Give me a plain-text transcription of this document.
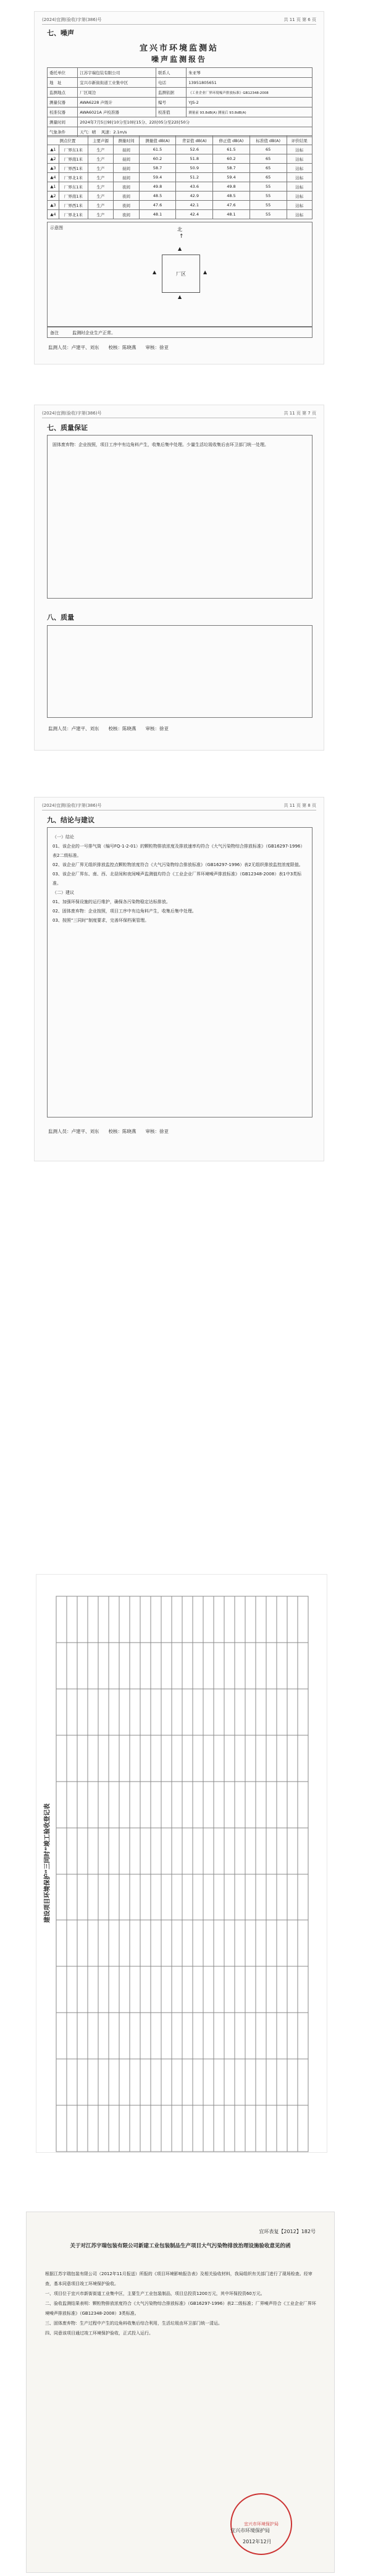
(2024)宜测(验收)字第(386)号	共 11 页 第 6 页
七、噪声
宜兴市环境监测站
噪声监测报告
委托单位	江苏宇瑞包装有限公司	联系人	朱亚琴
地　址	宜兴市新街街道工业集中区	电话	13951805651
监测地点	厂区周边	监测依据	《工业企业厂界环境噪声排放标准》GB12348-2008
测量仪器	AWA6228 声级计	编号	YJS-2
校准仪器	AWA6021A 声校准器	校准值	测量前 93.8dB(A) 测量后 93.8dB(A)
测量时间	2024年7月5日9时10分至10时15分、22时05分至22时50分		
气象条件	天气：晴　 风速：2.1m/s		
测点位置		主要声源	测量时间	测量值 dB(A)	背景值 dB(A)	修正值 dB(A)	标准值 dB(A)	评价结果
▲1	厂界东1米	生产	昼间	61.5	52.6	61.5	65	达标
▲2	厂界南1米	生产	昼间	60.2	51.8	60.2	65	达标
▲3	厂界西1米	生产	昼间	58.7	50.9	58.7	65	达标
▲4	厂界北1米	生产	昼间	59.4	51.2	59.4	65	达标
▲1	厂界东1米	生产	夜间	49.8	43.6	49.8	55	达标
▲2	厂界南1米	生产	夜间	48.5	42.9	48.5	55	达标
▲3	厂界西1米	生产	夜间	47.6	42.1	47.6	55	达标
▲4	厂界北1米	生产	夜间	48.1	42.4	48.1	55	达标
示意图	北
↑
厂区
▲
▲
▲
▲
备注	监测时企业生产正常。
监测人员：卢建平、刘东　　校核：陈晓燕　　审核：徐亚
(2024)宜测(验收)字第(386)号	共 11 页 第 7 页
七、质量保证
固体废弃物：企业按照，项目工序中有边角料产生，收集后集中处理。少量生活垃圾收集后由环卫部门统一处理。
八、质量
监测人员：卢建平、刘东　　校核：陈晓燕　　审核：徐亚
(2024)宜测(验收)字第(386)号	共 11 页 第 8 页
九、结论与建议
（一）结论
01、该企业的一号排气筒（编号FQ-1-2-01）的颗粒物排放浓度及排放速率均符合《大气污染物综合排放标准》（GB16297-1996）表2二级标准。
02、该企业厂界无组织排放监控点颗粒物浓度符合《大气污染物综合排放标准》（GB16297-1996）表2无组织排放监控浓度限值。
03、该企业厂界东、南、西、北昼间和夜间噪声监测值均符合《工业企业厂界环境噪声排放标准》（GB12348-2008）表1中3类标准。
（二）建议
01、加强环保设施的运行维护，确保各污染物稳定达标排放。
02、固体废弃物：企业按照，项目工序中有边角料产生，收集后集中处理。
03、按照“三同时”制度要求，完善环保档案管理。
监测人员：卢建平、刘东　　校核：陈晓燕　　审核：徐亚
建设项目环境保护“三同时”竣工验收登记表

宜环表复【2012】182号
关于对江苏宇瑞包装有限公司新建工业包装制品生产项目大气污染物排放治理设施验收意见的函
根据江苏宇瑞包装有限公司（2012年11月报送）所报的《项目环境影响报告表》及相关验收材料，我局组织有关部门进行了现场检查。经审查，基本同意项目竣工环境保护验收。
一、项目位于宜兴市新街街道工业集中区，主要生产工业包装制品，项目总投资1200万元，其中环保投资60万元。
二、验收监测结果表明：颗粒物排放浓度符合《大气污染物综合排放标准》（GB16297-1996）表2二级标准；厂界噪声符合《工业企业厂界环境噪声排放标准》（GB12348-2008）3类标准。
三、固体废弃物：生产过程中产生的边角料收集后综合利用，生活垃圾由环卫部门统一清运。
四、同意该项目通过竣工环境保护验收，正式投入运行。
宜兴市环境保护局
宜兴市环境保护局
2012年12月
